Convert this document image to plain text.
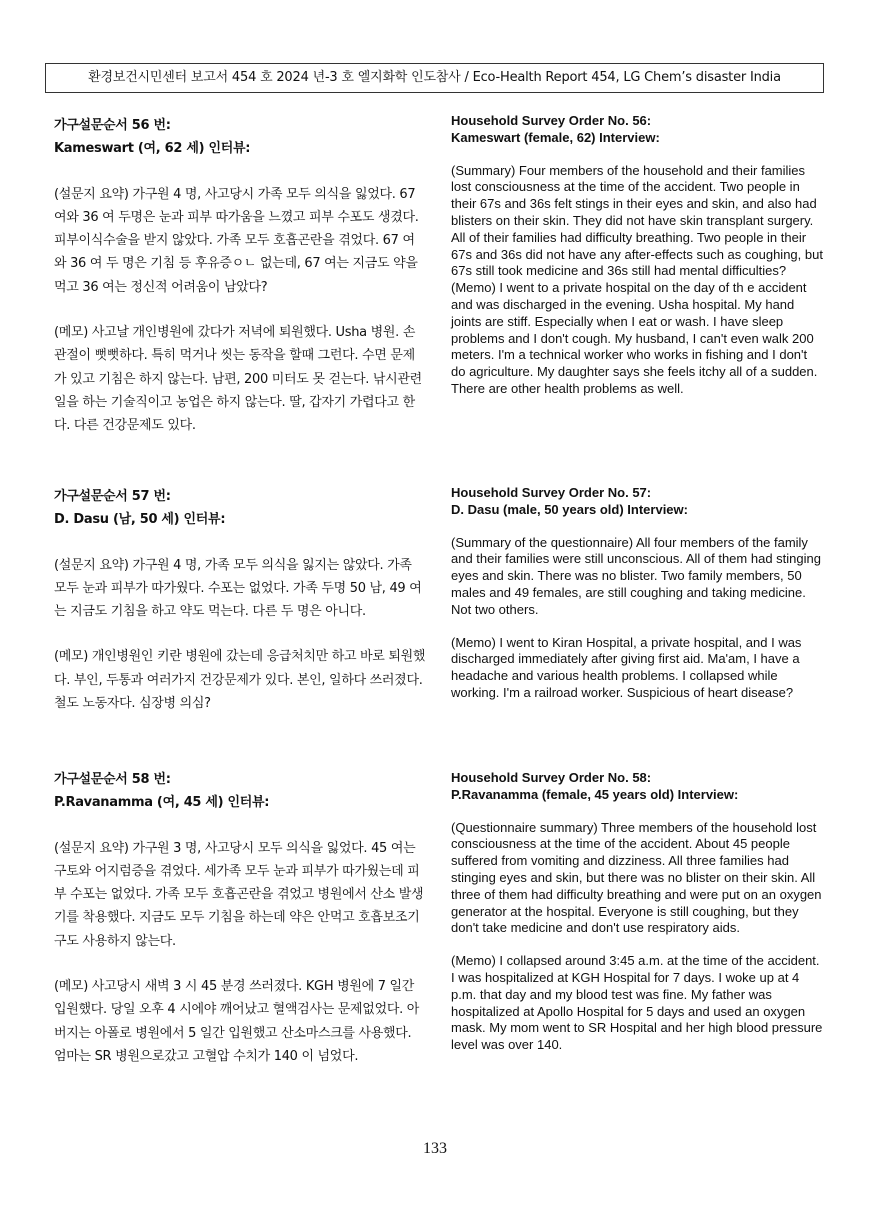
환경보건시민센터 보고서 454 호 2024 년-3 호 엘지화학 인도참사 / Eco-Health Report 454, LG Chem’s disaster India

가구설문순서 56 번:

Kameswart (여, 62 세) 인터뷰:

(설문지 요약) 가구원 4 명, 사고당시 가족 모두 의식을 잃었다. 67 여와 36 여 두명은 눈과 피부 따가움을 느꼈고 피부 수포도 생겼다. 피부이식수술을 받지 않았다. 가족 모두 호흡곤란을 겪었다. 67 여와 36 여 두 명은 기침 등 후유증ㅇㄴ 없는데, 67 여는 지금도 약을 먹고 36 여는 정신적 어려움이 남았다?

(메모) 사고날 개인병원에 갔다가 저녁에 퇴원했다. Usha 병원. 손관절이 뻣뻣하다. 특히 먹거나 씻는 동작을 할때 그런다. 수면 문제가 있고 기침은 하지 않는다. 남편, 200 미터도 못 걷는다. 낚시관련 일을 하는 기술직이고 농업은 하지 않는다. 딸, 갑자기 가렵다고 한다. 다른 건강문제도 있다.

Household Survey Order No. 56:

Kameswart (female, 62) Interview:

(Summary) Four members of the household and their families lost consciousness at the time of the accident. Two people in their 67s and 36s felt stings in their eyes and skin, and also had blisters on their skin. They did not have skin transplant surgery. All of their families had difficulty breathing. Two people in their 67s and 36s did not have any after-effects such as coughing, but 67s still took medicine and 36s still had mental difficulties?

(Memo) I went to a private hospital on the day of th e accident and was discharged in the evening. Usha hospital. My hand joints are stiff. Especially when I eat or wash. I have sleep problems and I don't cough. My husband, I can't even walk 200 meters. I'm a technical worker who works in fishing and I don't do agriculture. My daughter says she feels itchy all of a sudden. There are other health problems as well.

가구설문순서 57 번:

D. Dasu (남, 50 세) 인터뷰:

(설문지 요약) 가구원 4 명, 가족 모두 의식을 잃지는 않았다. 가족 모두 눈과 피부가 따가웠다. 수포는 없었다. 가족 두명 50 남, 49 여는 지금도 기침을 하고 약도 먹는다. 다른 두 명은 아니다.

(메모) 개인병원인 키란 병원에 갔는데 응급처치만 하고 바로 퇴원했다. 부인, 두통과 여러가지 건강문제가 있다. 본인, 일하다 쓰러졌다. 철도 노동자다. 심장병 의심?

Household Survey Order No. 57:

D. Dasu (male, 50 years old) Interview:

(Summary of the questionnaire) All four members of the family and their families were still unconscious. All of them had stinging eyes and skin. There was no blister. Two family members, 50 males and 49 females, are still coughing and taking medicine. Not two others.

(Memo) I went to Kiran Hospital, a private hospital, and I was discharged immediately after giving first aid. Ma'am, I have a headache and various health problems. I collapsed while working. I'm a railroad worker. Suspicious of heart disease?

가구설문순서 58 번:

P.Ravanamma (여, 45 세) 인터뷰:

(설문지 요약) 가구원 3 명, 사고당시 모두 의식을 잃었다. 45 여는 구토와 어지럼증을 겪었다. 세가족 모두 눈과 피부가 따가웠는데 피부 수포는 없었다. 가족 모두 호흡곤란을 겪었고 병원에서 산소 발생기를 착용했다. 지금도 모두 기침을 하는데 약은 안먹고 호흡보조기구도 사용하지 않는다.

(메모) 사고당시 새벽 3 시 45 분경 쓰러졌다. KGH 병원에 7 일간 입원했다. 당일 오후 4 시에야 깨어났고 혈액검사는 문제없었다. 아버지는 아폴로 병원에서 5 일간 입원했고 산소마스크를 사용했다. 엄마는 SR 병원으로갔고 고혈압 수치가 140 이 넘었다.

Household Survey Order No. 58:

P.Ravanamma (female, 45 years old) Interview:

(Questionnaire summary) Three members of the household lost consciousness at the time of the accident. About 45 people suffered from vomiting and dizziness. All three families had stinging eyes and skin, but there was no blister on their skin. All three of them had difficulty breathing and were put on an oxygen generator at the hospital. Everyone is still coughing, but they don't take medicine and don't use respiratory aids.

(Memo) I collapsed around 3:45 a.m. at the time of the accident. I was hospitalized at KGH Hospital for 7 days. I woke up at 4 p.m. that day and my blood test was fine. My father was hospitalized at Apollo Hospital for 5 days and used an oxygen mask. My mom went to SR Hospital and her high blood pressure level was over 140.

133
